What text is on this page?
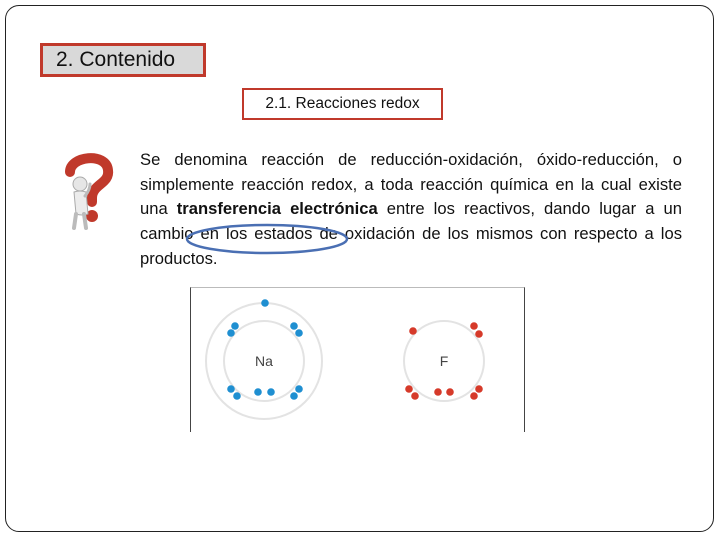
2. Contenido
2.1. Reacciones redox

Se denomina reacción de reducción-oxidación, óxido-reducción, o simplemente reacción redox, a toda reacción química en la cual existe una transferencia electrónica entre los reactivos, dando lugar a un cambio en los estados de oxidación de los mismos con respecto a los productos.

Na	F
